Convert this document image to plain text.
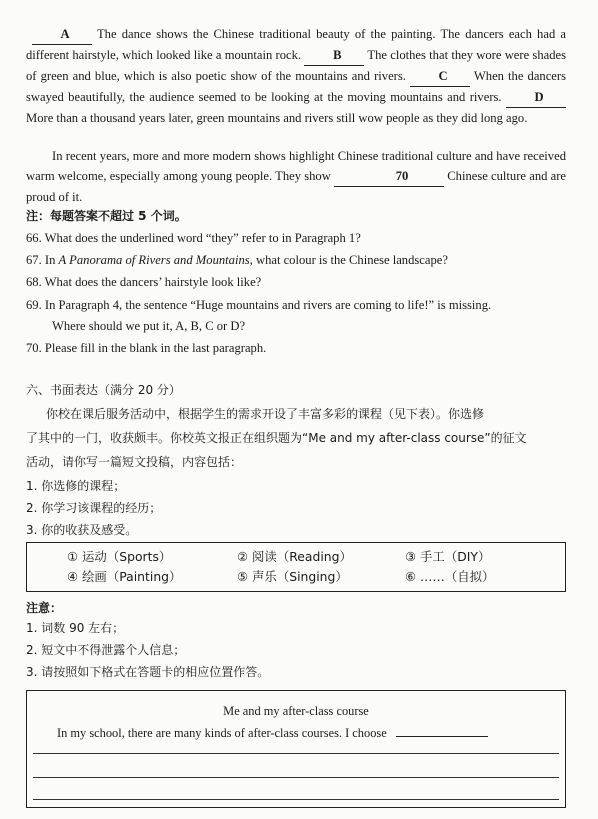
A The dance shows the Chinese traditional beauty of the painting. The dancers each had a different hairstyle, which looked like a mountain rock.	B The clothes that they wore were shades of green and blue, which is also poetic show of the mountains and rivers.	C When the dancers swayed beautifully, the audience seemed to be looking at the moving mountains and rivers.	D More than a thousand years later, green mountains and rivers still wow people as they did long ago.
In recent years, more and more modern shows highlight Chinese traditional culture and have received warm welcome, especially among young people. They show	70	Chinese culture and are proud of it.
注：每题答案不超过 5 个词。
66. What does the underlined word “they” refer to in Paragraph 1?
67. In A Panorama of Rivers and Mountains, what colour is the Chinese landscape?
68. What does the dancers’ hairstyle look like?
69. In Paragraph 4, the sentence “Huge mountains and rivers are coming to life!” is missing.
Where should we put it, A, B, C or D?
70. Please fill in the blank in the last paragraph.
六、书面表达（满分 20 分）
你校在课后服务活动中，根据学生的需求开设了丰富多彩的课程（见下表）。你选修
了其中的一门，收获颇丰。你校英文报正在组织题为“Me and my after-class course”的征文
活动，请你写一篇短文投稿，内容包括：
1. 你选修的课程；
2. 你学习该课程的经历；
3. 你的收获及感受。
① 运动（Sports）	② 阅读（Reading）	③ 手工（DIY）
④ 绘画（Painting）	⑤ 声乐（Singing）	⑥ ……（自拟）
注意：
1. 词数 90 左右；
2. 短文中不得泄露个人信息；
3. 请按照如下格式在答题卡的相应位置作答。
Me and my after-class course
In my school, there are many kinds of after-class courses. I choose
